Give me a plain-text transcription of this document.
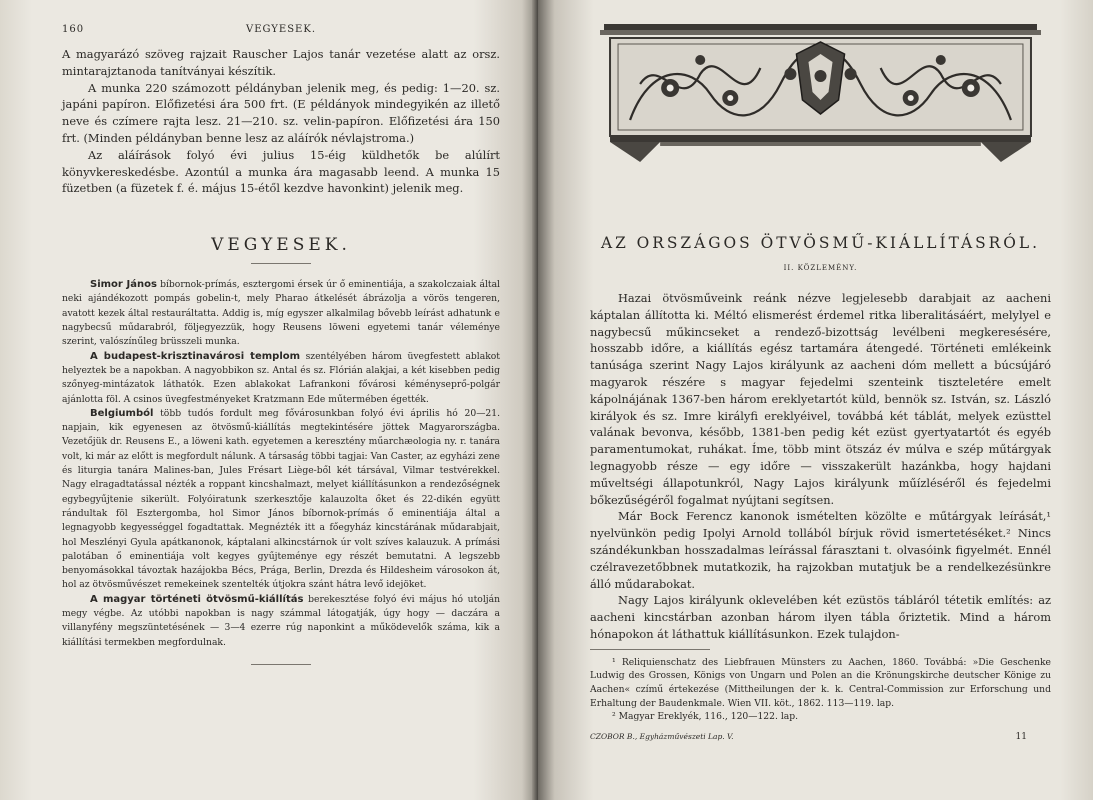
160	VEGYESEK.

A magyarázó szöveg rajzait Rauscher Lajos tanár vezetése alatt az orsz. mintarajztanoda tanítványai készítik.

A munka 220 számozott példányban jelenik meg, és pedig: 1—20. sz. japáni papíron. Előfizetési ára 500 frt. (E példányok mindegyikén az illető neve és czímere rajta lesz. 21—210. sz. velin-papíron. Előfizetési ára 150 frt. (Minden példányban benne lesz az aláírók névlajstroma.)

Az aláírások folyó évi julius 15-éig küldhetők be alúlírt könyvkereskedésbe. Azontúl a munka ára magasabb leend. A munka 15 füzetben (a füzetek f. é. május 15-étől kezdve havonkint) jelenik meg.

VEGYESEK.

Simor János bíbornok-prímás, esztergomi érsek úr ő eminentiája, a szakolczaiak által neki ajándékozott pompás gobelin-t, mely Pharao átkelését ábrázolja a vörös tengeren, avatott kezek által restauráltatta. Addig is, míg egyszer alkalmilag bővebb leírást adhatunk e nagybecsű műdarabról, följegyezzük, hogy Reusens löweni egyetemi tanár véleménye szerint, valószínűleg brüsszeli munka.

A budapest-krisztinavárosi templom szentélyében három üvegfestett ablakot helyeztek be a napokban. A nagyobbikon sz. Antal és sz. Flórián alakjai, a két kisebben pedig szőnyeg-mintázatok láthatók. Ezen ablakokat Lafrankoni fővárosi kéményseprő-polgár ajánlotta föl. A csinos üvegfestményeket Kratzmann Ede műtermében égették.

Belgiumból több tudós fordult meg fővárosunkban folyó évi április hó 20—21. napjain, kik egyenesen az ötvösmű-kiállítás megtekintésére jöttek Magyarországba. Vezetőjük dr. Reusens E., a löweni kath. egyetemen a keresztény műarchæologia ny. r. tanára volt, ki már az előtt is megfordult nálunk. A társaság többi tagjai: Van Caster, az egyházi zene és liturgia tanára Malines-ban, Jules Frésart Liège-ből két társával, Vilmar testvérekkel. Nagy elragadtatással nézték a roppant kincshalmazt, melyet kiállításunkon a rendezőségnek egybegyűjtenie sikerült. Folyóiratunk szerkesztője kalauzolta őket és 22-dikén együtt rándultak föl Esztergomba, hol Simor János bíbornok-prímás ő eminentiája által a legnagyobb kegyességgel fogadtattak. Megnézték itt a főegyház kincstárának műdarabjait, hol Meszlényi Gyula apátkanonok, káptalani alkincstárnok úr volt szíves kalauzuk. A prímási palotában ő eminentiája volt kegyes gyűjteménye egy részét bemutatni. A legszebb benyomásokkal távoztak hazájokba Bécs, Prága, Berlin, Drezda és Hildesheim városokon át, hol az ötvösművészet remekeinek szentelték útjokra szánt hátra levő idejöket.

A magyar történeti ötvösmű-kiállítás berekesztése folyó évi május hó utolján megy végbe. Az utóbbi napokban is nagy számmal látogatják, úgy hogy — daczára a villanyfény megszüntetésének — 3—4 ezerre rúg naponkint a működevelők száma, kik a kiállítási termekben megfordulnak.

AZ ORSZÁGOS ÖTVÖSMŰ-KIÁLLÍTÁSRÓL.
II. KÖZLEMÉNY.

Hazai ötvösműveink reánk nézve legjelesebb darabjait az aacheni káptalan állította ki. Méltó elismerést érdemel ritka liberalitásáért, melylyel e nagybecsű műkincseket a rendező-bizottság levélbeni megkeresésére, hosszabb időre, a kiállítás egész tartamára átengedé. Történeti emlékeink tanúsága szerint Nagy Lajos királyunk az aacheni dóm mellett a búcsújáró magyarok részére s magyar fejedelmi szenteink tiszteletére emelt kápolnájának 1367-ben három ereklyetartót küld, bennök sz. István, sz. László királyok és sz. Imre királyfi ereklyéivel, továbbá két táblát, melyek ezüsttel valának bevonva, később, 1381-ben pedig két ezüst gyertyatartót és egyéb paramentumokat, ruhákat. Íme, több mint ötszáz év múlva e szép műtárgyak legnagyobb része — egy időre — visszakerült hazánkba, hogy hajdani műveltségi állapotunkról, Nagy Lajos királyunk műízléséről és fejedelmi bőkezűségéről fogalmat nyújtani segítsen.

Már Bock Ferencz kanonok ismételten közölte e műtárgyak leírását,¹ nyelvünkön pedig Ipolyi Arnold tollából bírjuk rövid ismertetéséket.² Nincs szándékunkban hosszadalmas leírással fárasztani t. olvasóink figyelmét. Ennél czélravezetőbbnek mutatkozik, ha rajzokban mutatjuk be a rendelkezésünkre álló műdarabokat.

Nagy Lajos királyunk oklevelében két ezüstös tábláról tétetik említés: az aacheni kincstárban azonban három ilyen tábla őriztetik. Mind a három hónapokon át láthattuk kiállításunkon. Ezek tulajdon-

¹ Reliquienschatz des Liebfrauen Münsters zu Aachen, 1860. Továbbá: »Die Geschenke Ludwig des Grossen, Königs von Ungarn und Polen an die Krönungskirche deutscher Könige zu Aachen« czímű értekezése (Mittheilungen der k. k. Central-Commission zur Erforschung und Erhaltung der Baudenkmale. Wien VII. köt., 1862. 113—119. lap.

² Magyar Ereklyék, 116., 120—122. lap.

CZOBOR B., Egyházművészeti Lap. V.	11
